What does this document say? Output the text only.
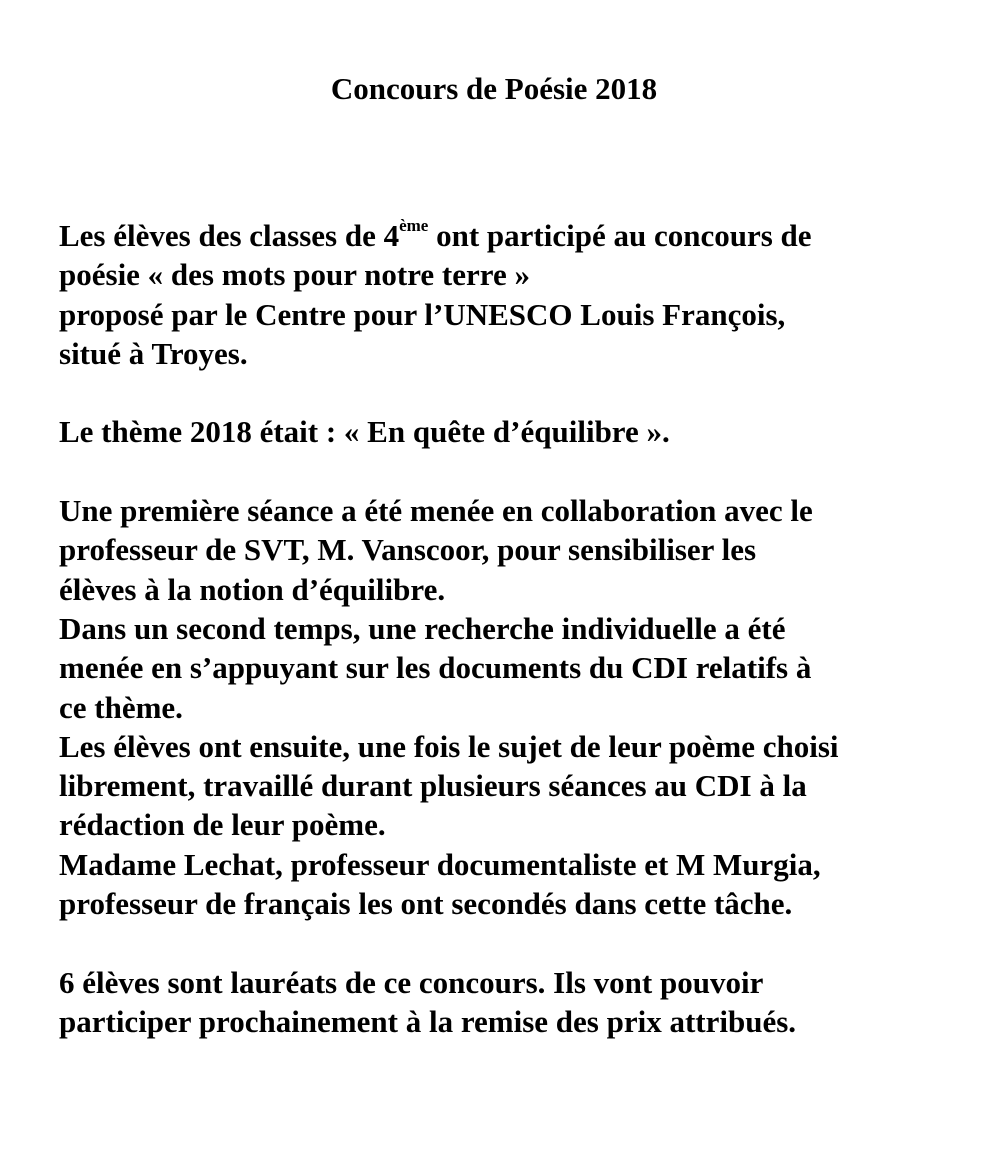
Concours de Poésie 2018
Les élèves des classes de 4ème ont participé au concours de
poésie « des mots pour notre terre »
proposé par le Centre pour l’UNESCO Louis François,
situé à Troyes.
Le thème 2018 était : « En quête d’équilibre ».
Une première séance a été menée en collaboration avec le
professeur de SVT, M. Vanscoor, pour sensibiliser les
élèves à la notion d’équilibre.
Dans un second temps, une recherche individuelle a été
menée en s’appuyant sur les documents du CDI relatifs à
ce thème.
Les élèves ont ensuite, une fois le sujet de leur poème choisi
librement, travaillé durant plusieurs séances au CDI à la
rédaction de leur poème.
Madame Lechat, professeur documentaliste et M Murgia,
professeur de français les ont secondés dans cette tâche.
6 élèves sont lauréats de ce concours. Ils vont pouvoir
participer prochainement à la remise des prix attribués.
